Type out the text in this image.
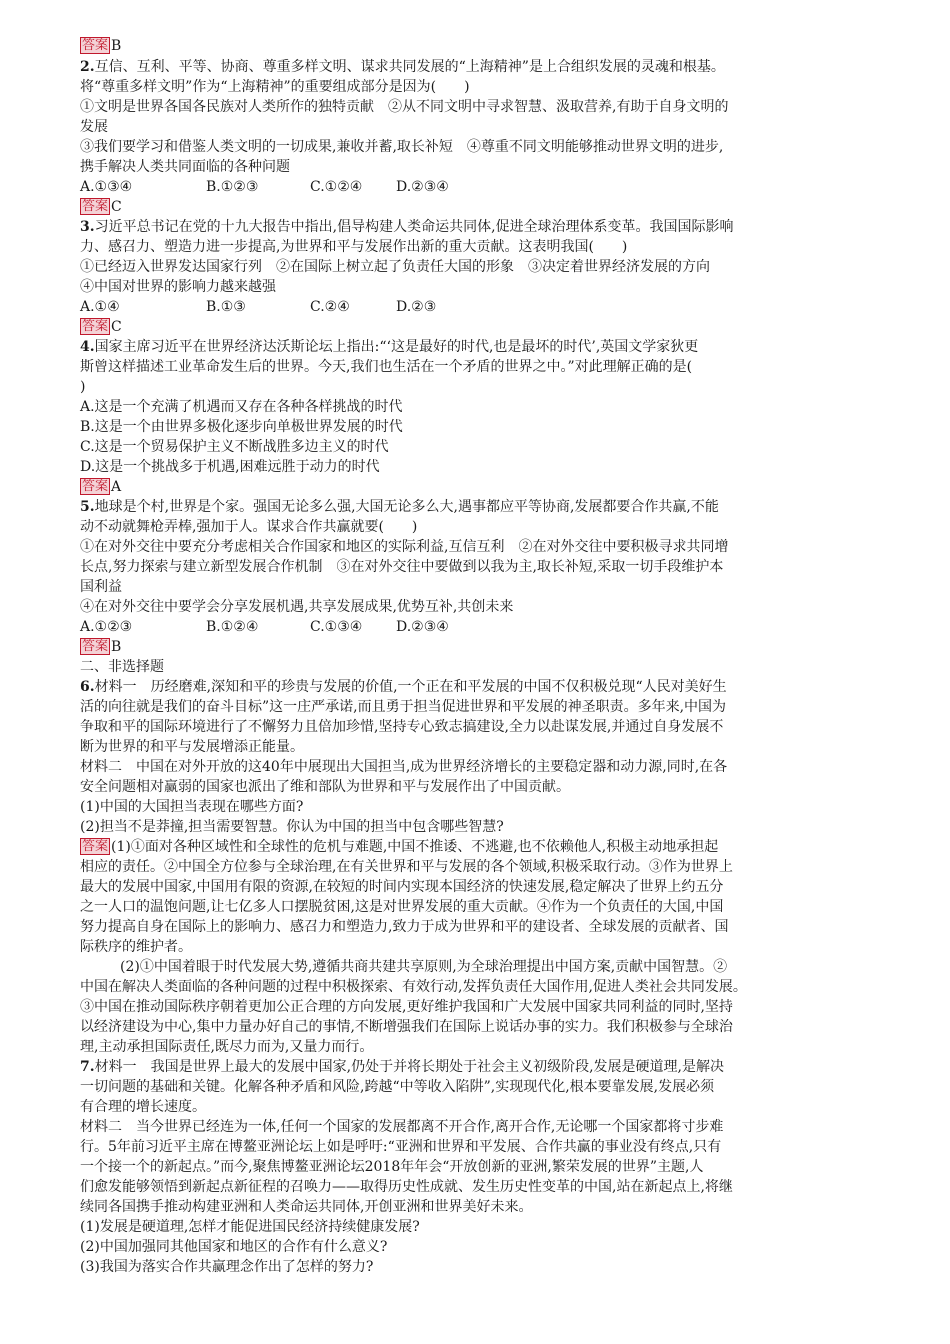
答案 B
2.互信、互利、平等、协商、尊重多样文明、谋求共同发展的“上海精神”是上合组织发展的灵魂和根基。
将“尊重多样文明”作为“上海精神”的重要组成部分是因为(　　)
①文明是世界各国各民族对人类所作的独特贡献　②从不同文明中寻求智慧、汲取营养,有助于自身文明的
发展
③我们要学习和借鉴人类文明的一切成果,兼收并蓄,取长补短　④尊重不同文明能够推动世界文明的进步,
携手解决人类共同面临的各种问题
A.①③④	B.①②③	C.①②④ D.②③④
答案 C
3.习近平总书记在党的十九大报告中指出,倡导构建人类命运共同体,促进全球治理体系变革。我国国际影响
力、感召力、塑造力进一步提高,为世界和平与发展作出新的重大贡献。这表明我国(　　)
①已经迈入世界发达国家行列　②在国际上树立起了负责任大国的形象　③决定着世界经济发展的方向
④中国对世界的影响力越来越强
A.①④	B.①③	C.②④	D.②③
答案 C
4.国家主席习近平在世界经济达沃斯论坛上指出:“‘这是最好的时代,也是最坏的时代’,英国文学家狄更
斯曾这样描述工业革命发生后的世界。今天,我们也生活在一个矛盾的世界之中。”对此理解正确的是(
)
A.这是一个充满了机遇而又存在各种各样挑战的时代
B.这是一个由世界多极化逐步向单极世界发展的时代
C.这是一个贸易保护主义不断战胜多边主义的时代
D.这是一个挑战多于机遇,困难远胜于动力的时代
答案 A
5.地球是个村,世界是个家。强国无论多么强,大国无论多么大,遇事都应平等协商,发展都要合作共赢,不能
动不动就舞枪弄棒,强加于人。谋求合作共赢就要(　　)
①在对外交往中要充分考虑相关合作国家和地区的实际利益,互信互利　②在对外交往中要积极寻求共同增
长点,努力探索与建立新型发展合作机制　③在对外交往中要做到以我为主,取长补短,采取一切手段维护本
国利益
④在对外交往中要学会分享发展机遇,共享发展成果,优势互补,共创未来
A.①②③	B.①②④	C.①③④ D.②③④
答案 B
二、非选择题
6.材料一　历经磨难,深知和平的珍贵与发展的价值,一个正在和平发展的中国不仅积极兑现“人民对美好生
活的向往就是我们的奋斗目标”这一庄严承诺,而且勇于担当促进世界和平发展的神圣职责。多年来,中国为
争取和平的国际环境进行了不懈努力且倍加珍惜,坚持专心致志搞建设,全力以赴谋发展,并通过自身发展不
断为世界的和平与发展增添正能量。
材料二　中国在对外开放的这40年中展现出大国担当,成为世界经济增长的主要稳定器和动力源,同时,在各
安全问题相对赢弱的国家也派出了维和部队为世界和平与发展作出了中国贡献。
(1)中国的大国担当表现在哪些方面?
(2)担当不是莽撞,担当需要智慧。你认为中国的担当中包含哪些智慧?
答案 (1)①面对各种区域性和全球性的危机与难题,中国不推诿、不逃避,也不依赖他人,积极主动地承担起
相应的责任。②中国全方位参与全球治理,在有关世界和平与发展的各个领域,积极采取行动。③作为世界上
最大的发展中国家,中国用有限的资源,在较短的时间内实现本国经济的快速发展,稳定解决了世界上约五分
之一人口的温饱问题,让七亿多人口摆脱贫困,这是对世界发展的重大贡献。④作为一个负责任的大国,中国
努力提高自身在国际上的影响力、感召力和塑造力,致力于成为世界和平的建设者、全球发展的贡献者、国
际秩序的维护者。
(2)①中国着眼于时代发展大势,遵循共商共建共享原则,为全球治理提出中国方案,贡献中国智慧。②
中国在解决人类面临的各种问题的过程中积极探索、有效行动,发挥负责任大国作用,促进人类社会共同发展。
③中国在推动国际秩序朝着更加公正合理的方向发展,更好维护我国和广大发展中国家共同利益的同时,坚持
以经济建设为中心,集中力量办好自己的事情,不断增强我们在国际上说话办事的实力。我们积极参与全球治
理,主动承担国际责任,既尽力而为,又量力而行。
7.材料一　我国是世界上最大的发展中国家,仍处于并将长期处于社会主义初级阶段,发展是硬道理,是解决
一切问题的基础和关键。化解各种矛盾和风险,跨越“中等收入陷阱”,实现现代化,根本要靠发展,发展必须
有合理的增长速度。
材料二　当今世界已经连为一体,任何一个国家的发展都离不开合作,离开合作,无论哪一个国家都将寸步难
行。5年前习近平主席在博鳌亚洲论坛上如是呼吁:“亚洲和世界和平发展、合作共赢的事业没有终点,只有
一个接一个的新起点。”而今,聚焦博鳌亚洲论坛2018年年会“开放创新的亚洲,繁荣发展的世界”主题,人
们愈发能够领悟到新起点新征程的召唤力——取得历史性成就、发生历史性变革的中国,站在新起点上,将继
续同各国携手推动构建亚洲和人类命运共同体,开创亚洲和世界美好未来。
(1)发展是硬道理,怎样才能促进国民经济持续健康发展?
(2)中国加强同其他国家和地区的合作有什么意义?
(3)我国为落实合作共赢理念作出了怎样的努力?
